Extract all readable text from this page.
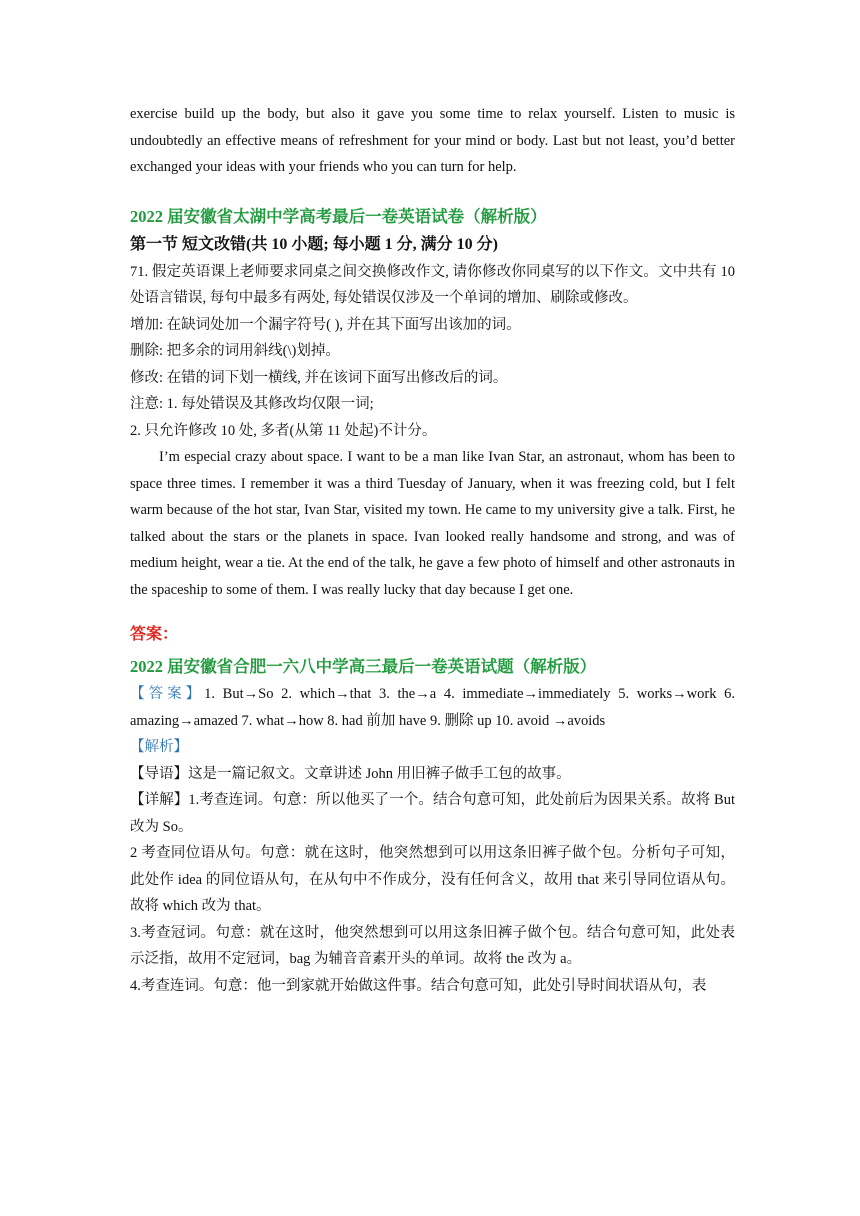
exercise build up the body, but also it gave you some time to relax yourself. Listen to music is undoubtedly an effective means of refreshment for your mind or body. Last but not least, you’d better exchanged your ideas with your friends who you can turn for help.

2022 届安徽省太湖中学高考最后一卷英语试卷（解析版）

第一节 短文改错(共 10 小题; 每小题 1 分, 满分 10 分)

71. 假定英语课上老师要求同桌之间交换修改作文, 请你修改你同桌写的以下作文。文中共有 10 处语言错误, 每句中最多有两处, 每处错误仅涉及一个单词的增加、刷除或修改。

增加: 在缺词处加一个漏字符号( ), 并在其下面写出该加的词。

删除: 把多余的词用斜线(\)划掉。

修改: 在错的词下划一横线, 并在该词下面写出修改后的词。

注意: 1. 每处错误及其修改均仅限一词;

2. 只允许修改 10 处, 多者(从第 11 处起)不计分。

I’m especial crazy about space. I want to be a man like Ivan Star, an astronaut, whom has been to space three times. I remember it was a third Tuesday of January, when it was freezing cold, but I felt warm because of the hot star, Ivan Star, visited my town. He came to my university give a talk. First, he talked about the stars or the planets in space. Ivan looked really handsome and strong, and was of medium height, wear a tie. At the end of the talk, he gave a few photo of himself and other astronauts in the spaceship to some of them. I was really lucky that day because I get one.

答案：

2022 届安徽省合肥一六八中学高三最后一卷英语试题（解析版）

【答案】1. But→So 2. which→that 3. the→a 4. immediate→immediately 5. works→work 6. amazing→amazed 7. what→how 8. had 前加 have 9. 删除 up 10. avoid →avoids

【解析】

【导语】这是一篇记叙文。文章讲述 John 用旧裤子做手工包的故事。

【详解】1.考查连词。句意：所以他买了一个。结合句意可知，此处前后为因果关系。故将 But 改为 So。

2 考查同位语从句。句意：就在这时，他突然想到可以用这条旧裤子做个包。分析句子可知，此处作 idea 的同位语从句，在从句中不作成分，没有任何含义，故用 that 来引导同位语从句。故将 which 改为 that。

3.考查冠词。句意：就在这时，他突然想到可以用这条旧裤子做个包。结合句意可知，此处表示泛指，故用不定冠词，bag 为辅音音素开头的单词。故将 the 改为 a。

4.考查连词。句意：他一到家就开始做这件事。结合句意可知，此处引导时间状语从句，表
